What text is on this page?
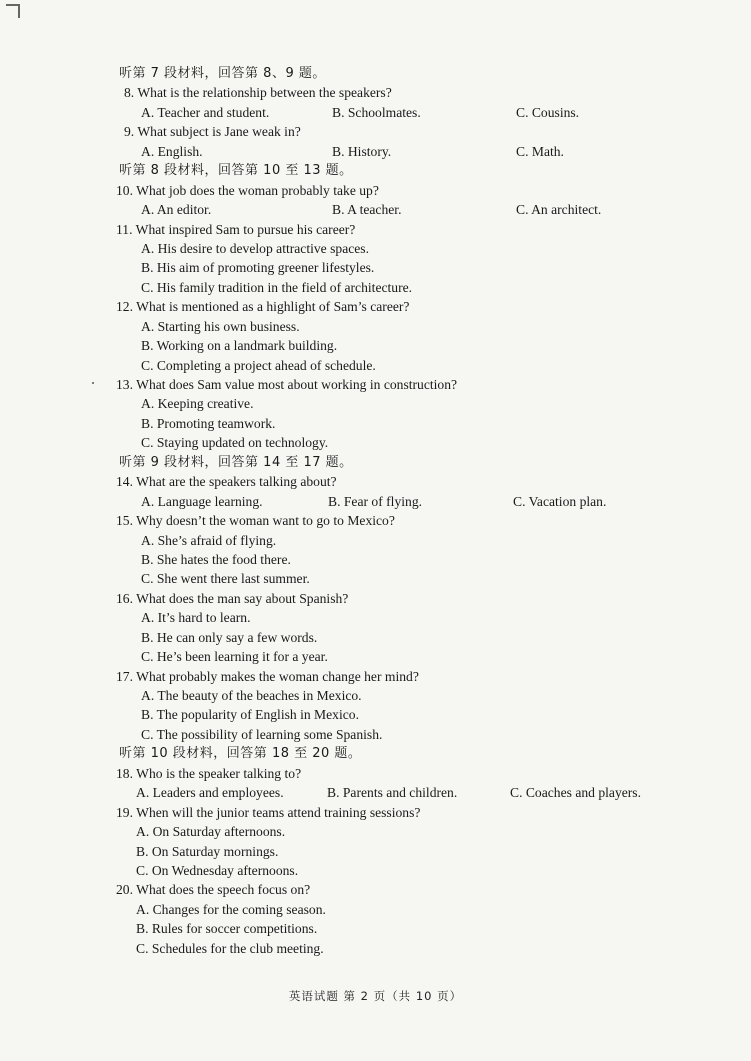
听第 7 段材料，回答第 8、9 题。
8. What is the relationship between the speakers?
A. Teacher and student.	B. Schoolmates.	C. Cousins.
9. What subject is Jane weak in?
A. English.	B. History.	C. Math.
听第 8 段材料，回答第 10 至 13 题。
10. What job does the woman probably take up?
A. An editor.	B. A teacher.	C. An architect.
11. What inspired Sam to pursue his career?
A. His desire to develop attractive spaces.
B. His aim of promoting greener lifestyles.
C. His family tradition in the field of architecture.
12. What is mentioned as a highlight of Sam’s career?
A. Starting his own business.
B. Working on a landmark building.
C. Completing a project ahead of schedule.
13. What does Sam value most about working in construction?
A. Keeping creative.
B. Promoting teamwork.
C. Staying updated on technology.
听第 9 段材料，回答第 14 至 17 题。
14. What are the speakers talking about?
A. Language learning.	B. Fear of flying.	C. Vacation plan.
15. Why doesn’t the woman want to go to Mexico?
A. She’s afraid of flying.
B. She hates the food there.
C. She went there last summer.
16. What does the man say about Spanish?
A. It’s hard to learn.
B. He can only say a few words.
C. He’s been learning it for a year.
17. What probably makes the woman change her mind?
A. The beauty of the beaches in Mexico.
B. The popularity of English in Mexico.
C. The possibility of learning some Spanish.
听第 10 段材料，回答第 18 至 20 题。
18. Who is the speaker talking to?
A. Leaders and employees.	B. Parents and children.	C. Coaches and players.
19. When will the junior teams attend training sessions?
A. On Saturday afternoons.
B. On Saturday mornings.
C. On Wednesday afternoons.
20. What does the speech focus on?
A. Changes for the coming season.
B. Rules for soccer competitions.
C. Schedules for the club meeting.
英语试题 第 2 页（共 10 页）
